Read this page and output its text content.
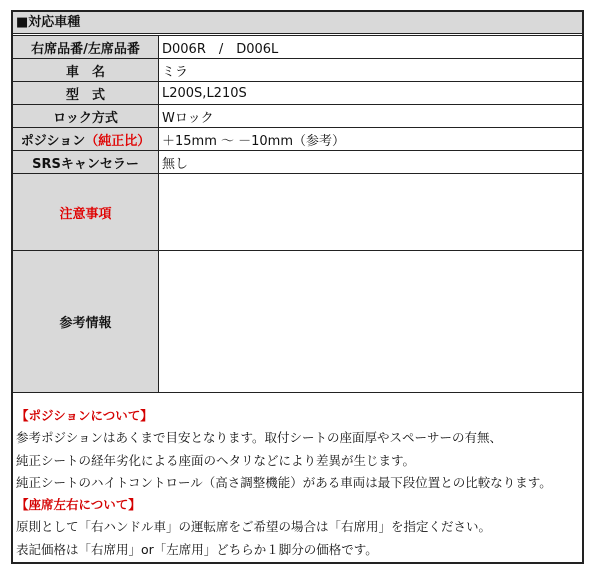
■対応車種
右席品番/左席品番	D006R　/　D006L
車　名	ミラ
型　式	L200S,L210S
ロック方式	Wロック
ポジション（純正比）	＋15mm 〜 －10mm（参考）
SRSキャンセラー	無し
注意事項	
参考情報	
【ポジションについて】
参考ポジションはあくまで目安となります。取付シートの座面厚やスペーサーの有無、
純正シートの経年劣化による座面のヘタリなどにより差異が生じます。
純正シートのハイトコントロール（高さ調整機能）がある車両は最下段位置との比較なります。
【座席左右について】
原則として「右ハンドル車」の運転席をご希望の場合は「右席用」を指定ください。
表記価格は「右席用」or「左席用」どちらか１脚分の価格です。
